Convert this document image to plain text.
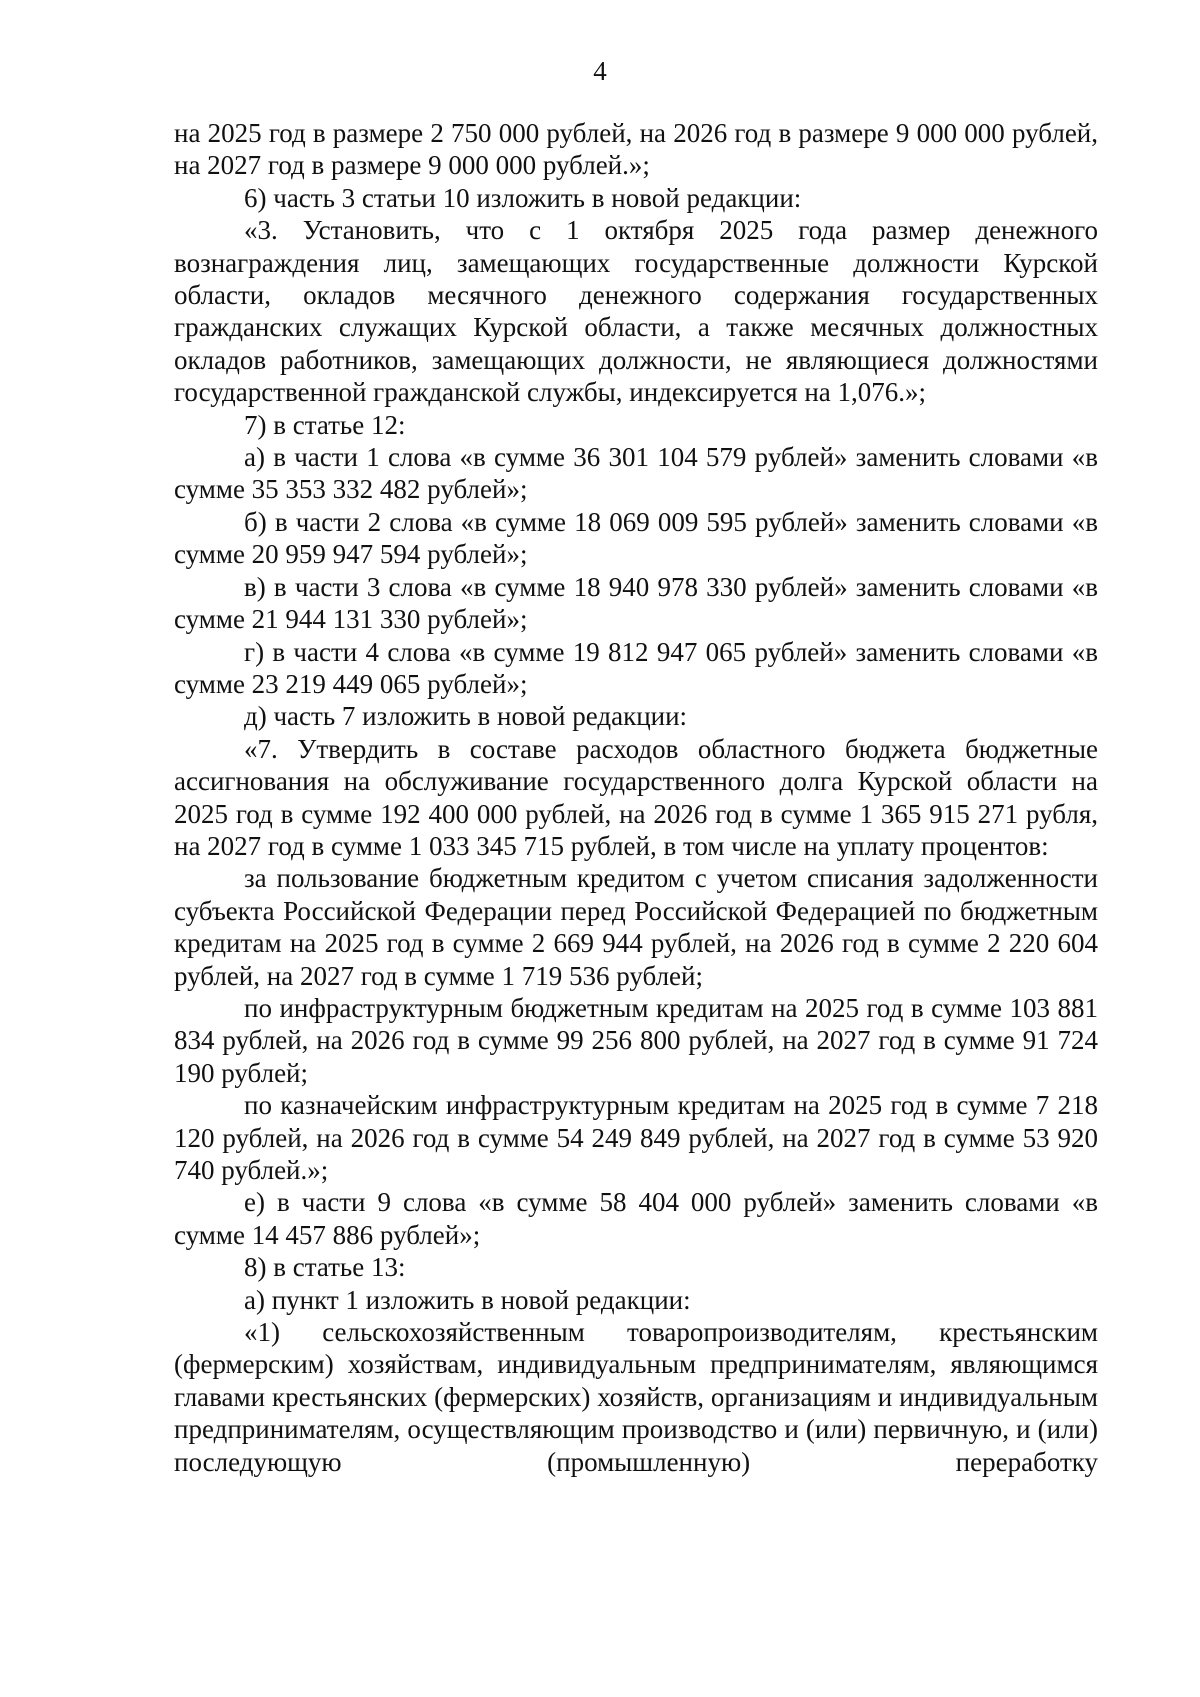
4

на 2025 год в размере 2 750 000 рублей, на 2026 год в размере 9 000 000 рублей, на 2027 год в размере 9 000 000 рублей.»;

6) часть 3 статьи 10 изложить в новой редакции:

«3. Установить, что с 1 октября 2025 года размер денежного вознаграждения лиц, замещающих государственные должности Курской области, окладов месячного денежного содержания государственных гражданских служащих Курской области, а также месячных должностных окладов работников, замещающих должности, не являющиеся должностями государственной гражданской службы, индексируется на 1,076.»;

7) в статье 12:

а) в части 1 слова «в сумме 36 301 104 579 рублей» заменить словами «в сумме 35 353 332 482 рублей»;

б) в части 2 слова «в сумме 18 069 009 595 рублей» заменить словами «в сумме 20 959 947 594 рублей»;

в) в части 3 слова «в сумме 18 940 978 330 рублей» заменить словами «в сумме 21 944 131 330 рублей»;

г) в части 4 слова «в сумме 19 812 947 065 рублей» заменить словами «в сумме 23 219 449 065 рублей»;

д) часть 7 изложить в новой редакции:

«7. Утвердить в составе расходов областного бюджета бюджетные ассигнования на обслуживание государственного долга Курской области на 2025 год в сумме 192 400 000 рублей, на 2026 год в сумме 1 365 915 271 рубля, на 2027 год в сумме 1 033 345 715 рублей, в том числе на уплату процентов:

за пользование бюджетным кредитом с учетом списания задолженности субъекта Российской Федерации перед Российской Федерацией по бюджетным кредитам на 2025 год в сумме 2 669 944 рублей, на 2026 год в сумме 2 220 604 рублей, на 2027 год в сумме 1 719 536 рублей;

по инфраструктурным бюджетным кредитам на 2025 год в сумме 103 881 834 рублей, на 2026 год в сумме 99 256 800 рублей, на 2027 год в сумме 91 724 190 рублей;

по казначейским инфраструктурным кредитам на 2025 год в сумме 7 218 120 рублей, на 2026 год в сумме 54 249 849 рублей, на 2027 год в сумме 53 920 740 рублей.»;

е) в части 9 слова «в сумме 58 404 000 рублей» заменить словами «в сумме 14 457 886 рублей»;

8) в статье 13:

а) пункт 1 изложить в новой редакции:

«1) сельскохозяйственным товаропроизводителям, крестьянским (фермерским) хозяйствам, индивидуальным предпринимателям, являющимся главами крестьянских (фермерских) хозяйств, организациям и индивидуальным предпринимателям, осуществляющим производство и (или) первичную, и (или) последующую (промышленную) переработку
